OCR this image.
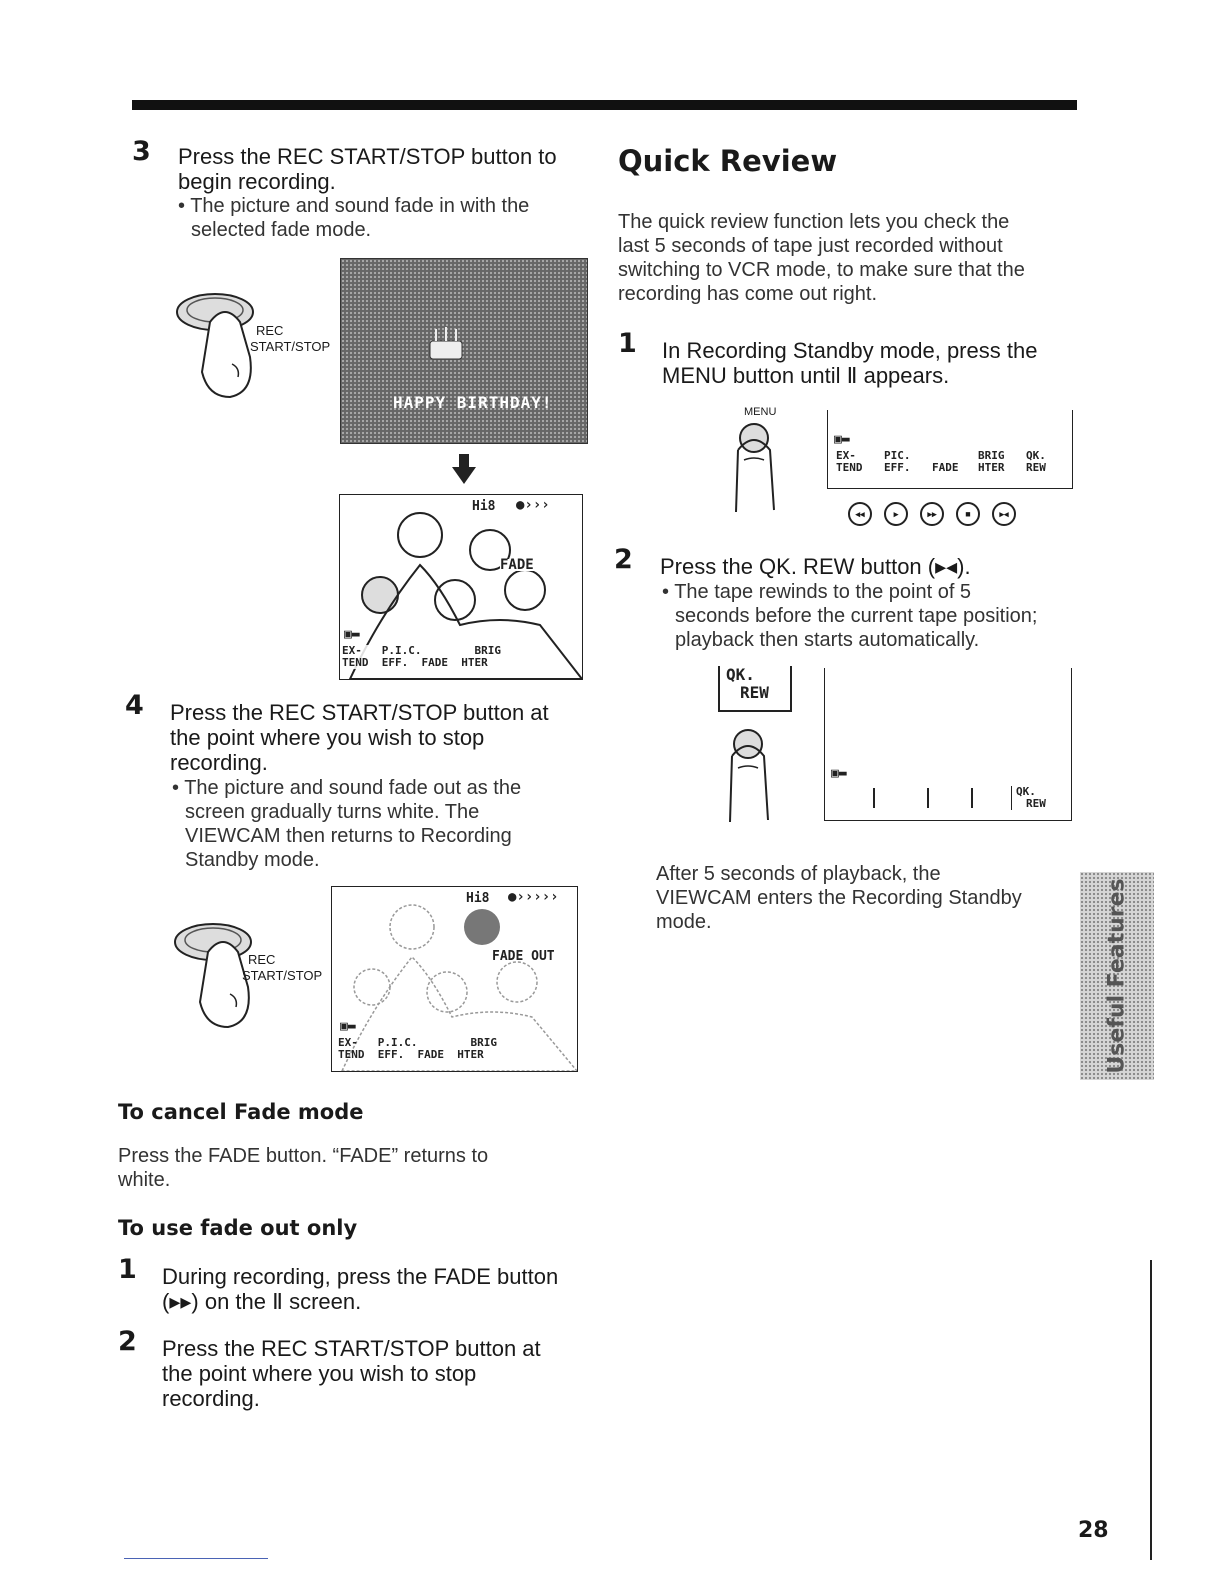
3 Press the REC START/STOP button to
begin recording.
• The picture and sound fade in with the
selected fade mode.
REC
START/STOP
HAPPY BIRTHDAY!
Hi8 ●›››
FADE
▣▬
EX-   P.I.C.        BRIG
TEND  EFF.  FADE  HTER
4 Press the REC START/STOP button at
the point where you wish to stop
recording.
• The picture and sound fade out as the
screen gradually turns white. The
VIEWCAM then returns to Recording
Standby mode.
REC
START/STOP
Hi8 ●›››››
FADE OUT
▣▬
EX-   P.I.C.        BRIG
TEND  EFF.  FADE  HTER
To cancel Fade mode
Press the FADE button. “FADE” returns to
white.
To use fade out only
1 During recording, press the FADE button
(▸▸) on the Ⅱ screen.
2 Press the REC START/STOP button at
the point where you wish to stop
recording.
Quick Review
The quick review function lets you check the
last 5 seconds of tape just recorded without
switching to VCR mode, to make sure that the
recording has come out right.
1 In Recording Standby mode, press the
MENU button until Ⅱ appears.
MENU
▣▬
EX-
TEND
PIC.
EFF. FADE
BRIG
HTER
QK.
REW
◂◂	▸	▸▸	■	▸◂
2 Press the QK. REW button (▸◂).
• The tape rewinds to the point of 5
seconds before the current tape position;
playback then starts automatically.
QK.
REW
▣▬
QK.
REW
After 5 seconds of playback, the
VIEWCAM enters the Recording Standby
mode.	Useful Features
28
